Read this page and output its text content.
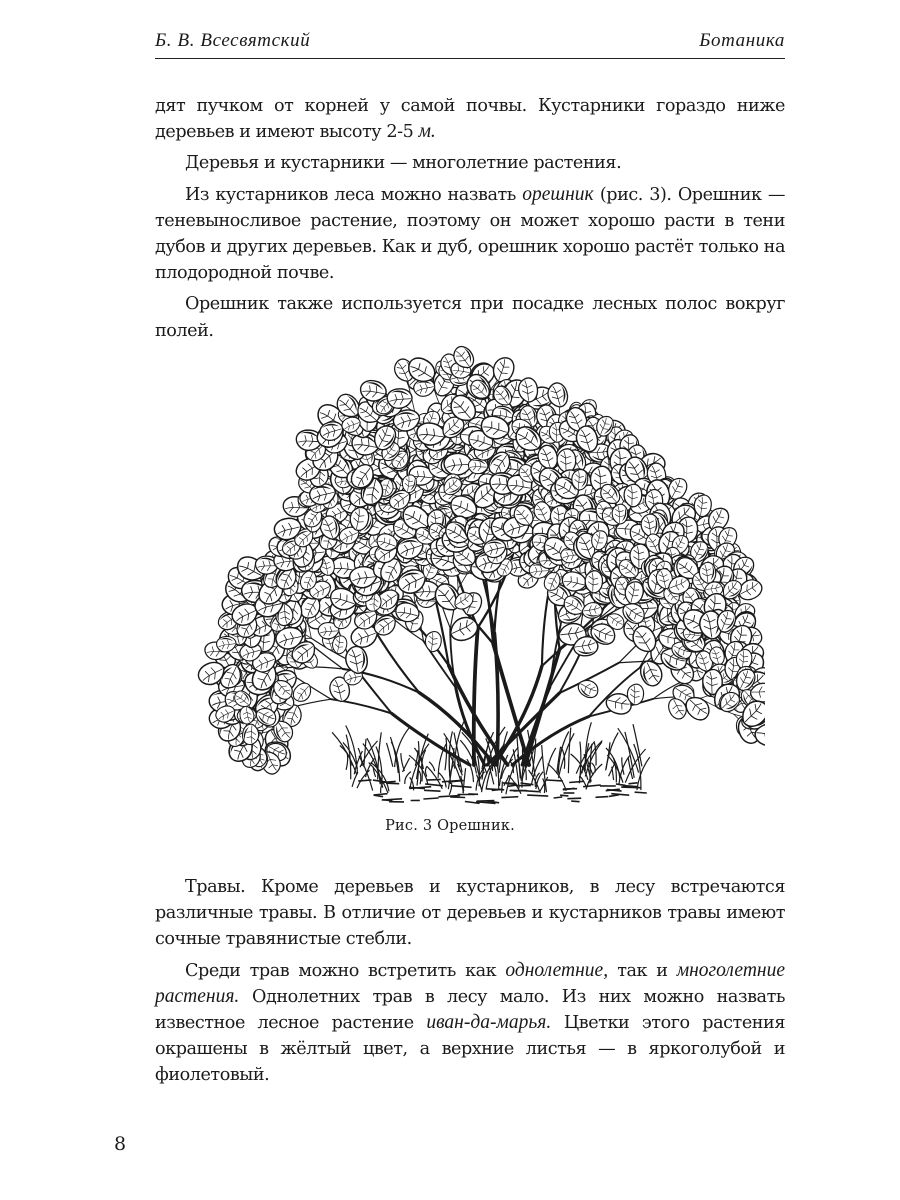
Б. В. Всесвятский	Ботаника

дят пучком от корней у самой почвы. Кустарники гораздо ниже деревьев и имеют высоту 2-5 м.

Деревья и кустарники — многолетние растения.

Из кустарников леса можно назвать орешник (рис. 3). Орешник — теневыносливое растение, поэтому он может хорошо расти в тени дубов и других деревьев. Как и дуб, орешник хорошо растёт только на плодородной почве.

Орешник также используется при посадке лесных полос вокруг полей.

Рис. 3 Орешник.

Травы. Кроме деревьев и кустарников, в лесу встречаются различные травы. В отличие от деревьев и кустарников травы имеют сочные травянистые стебли.

Среди трав можно встретить как однолетние, так и многолетние растения. Однолетних трав в лесу мало. Из них можно назвать известное лесное растение иван-да-марья. Цветки этого растения окрашены в жёлтый цвет, а верхние листья — в яркоголубой и фиолетовый.

8
